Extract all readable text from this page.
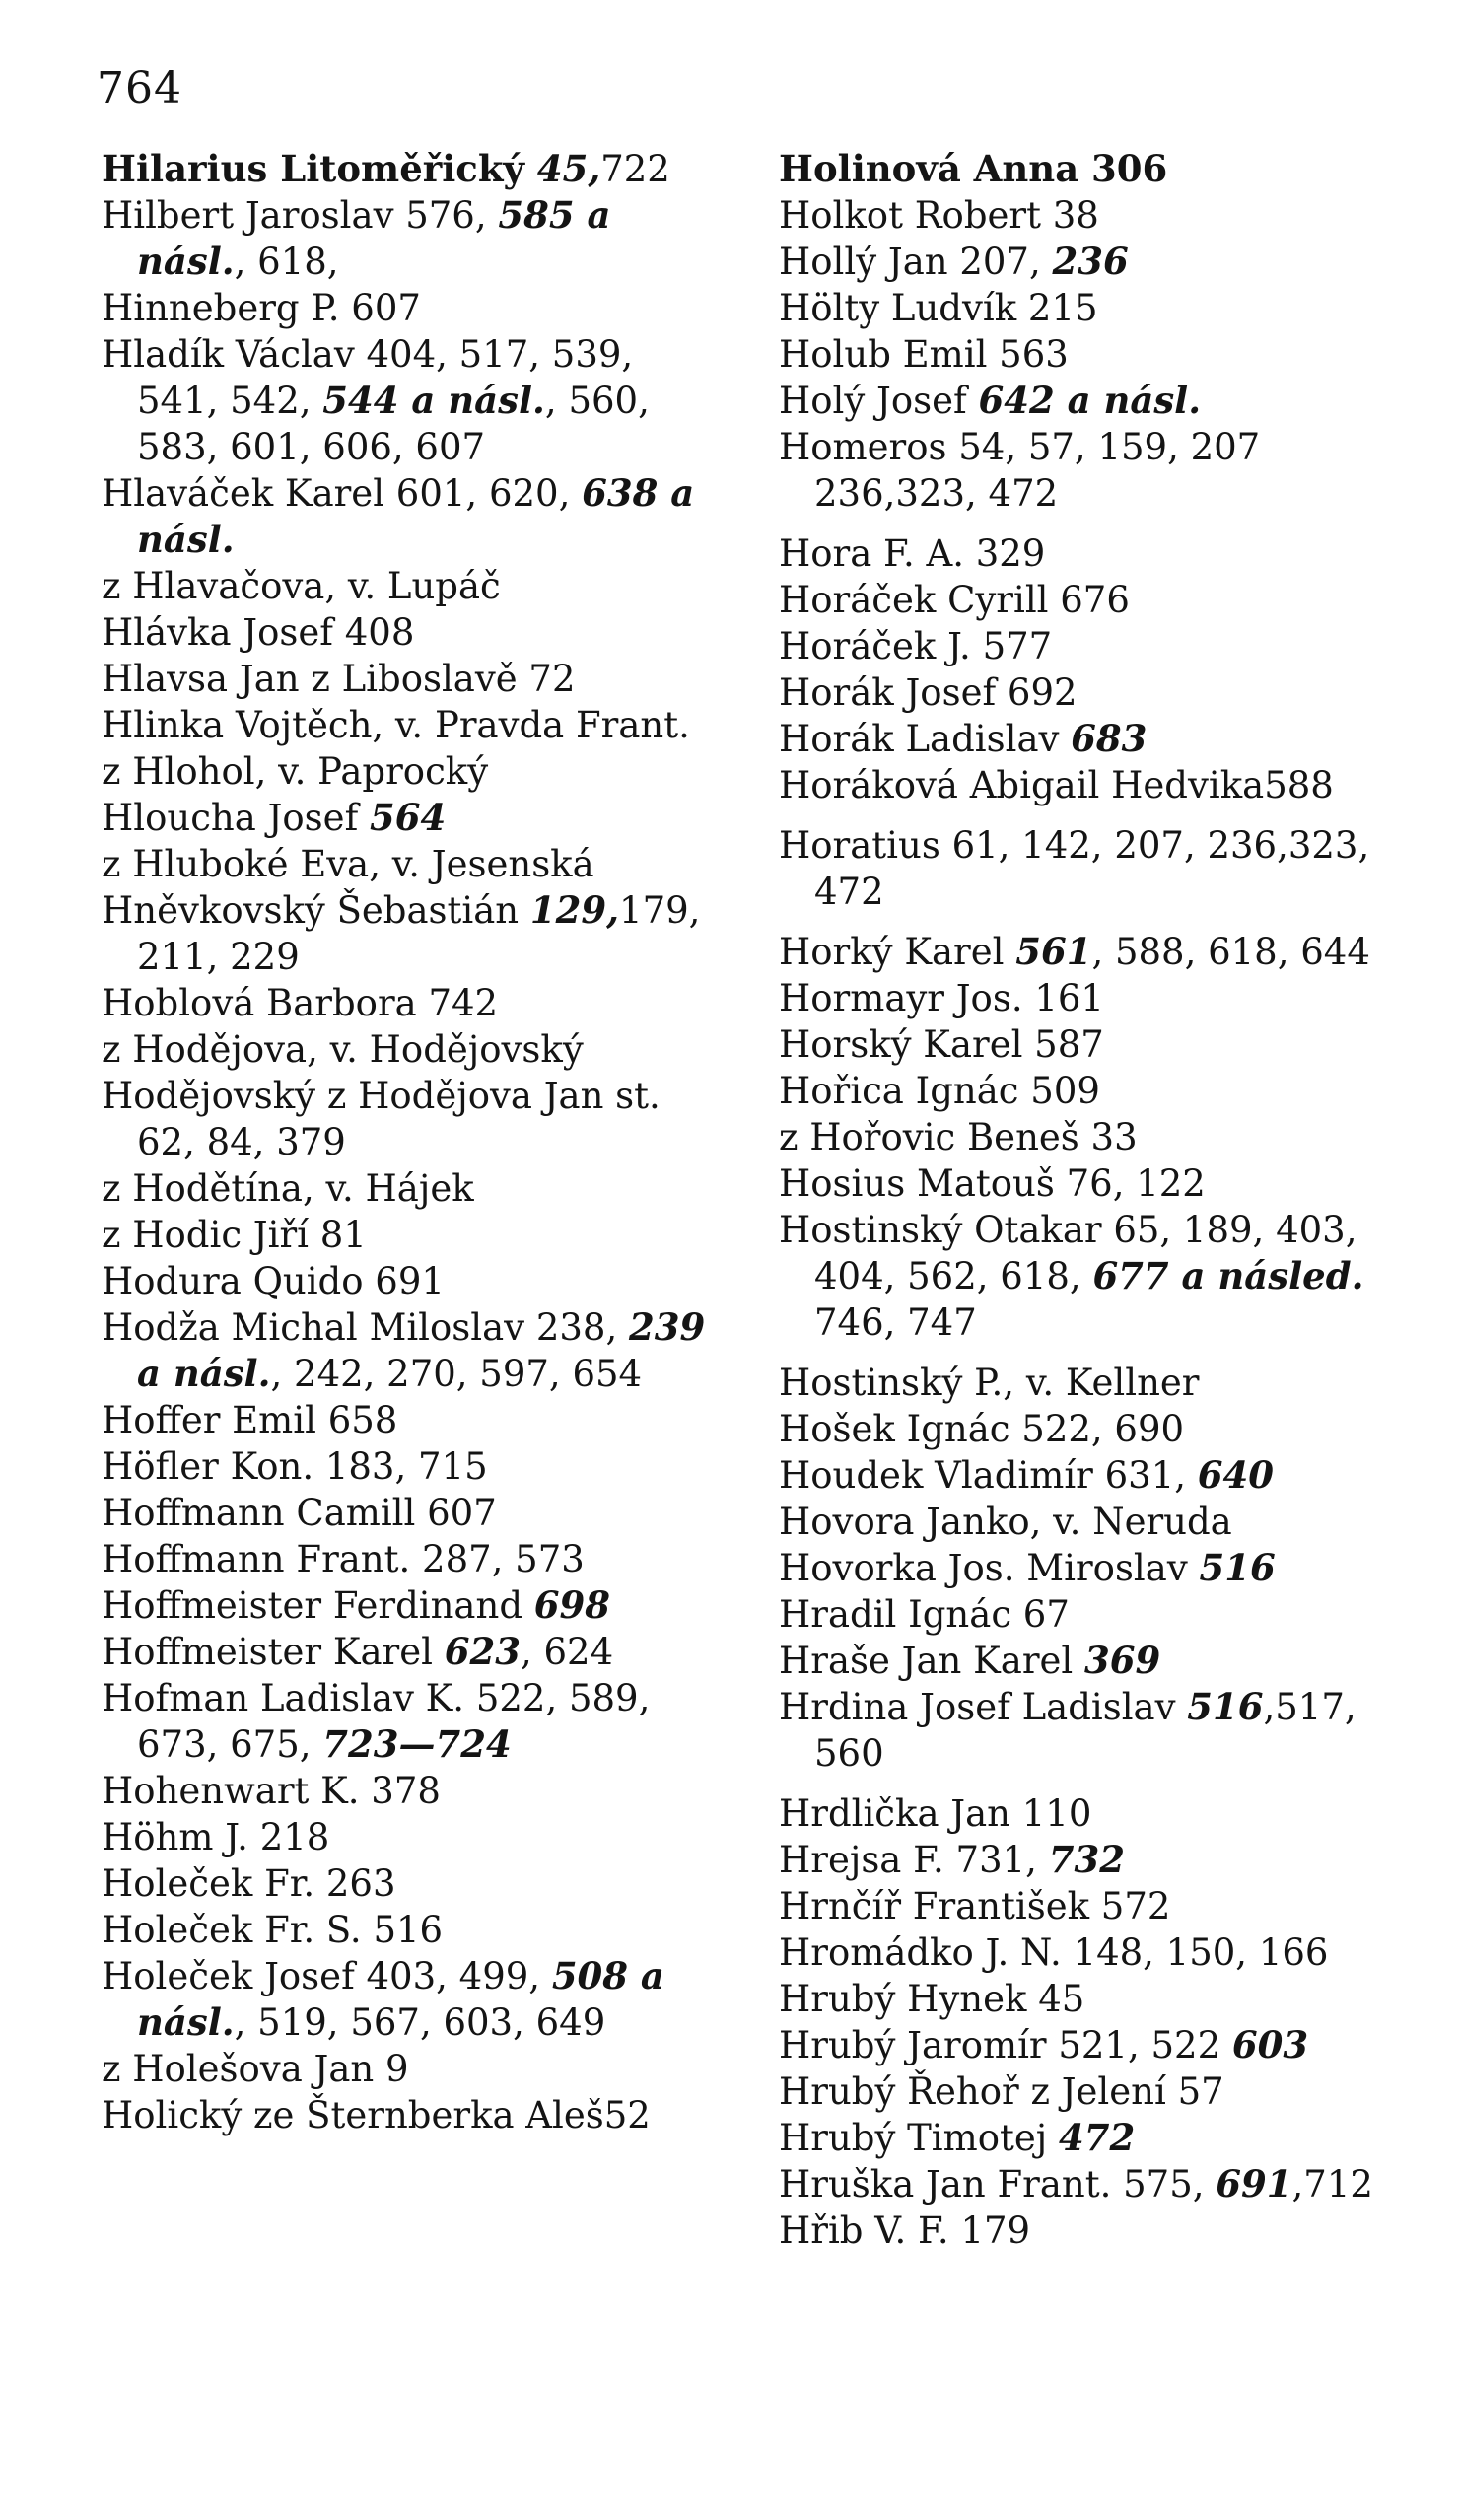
764
Hilarius Litoměřický 45,722
Hilbert Jaroslav 576, 585 a násl., 618,
Hinneberg P. 607
Hladík Václav 404, 517, 539, 541, 542, 544 a násl., 560, 583, 601, 606, 607
Hlaváček Karel 601, 620, 638 a násl.
z Hlavačova, v. Lupáč
Hlávka Josef 408
Hlavsa Jan z Liboslavě 72
Hlinka Vojtěch, v. Pravda Frant.
z Hlohol, v. Paprocký
Hloucha Josef 564
z Hluboké Eva, v. Jesenská
Hněvkovský Šebastián 129,179, 211, 229
Hoblová Barbora 742
z Hodějova, v. Hodějovský
Hodějovský z Hodějova Jan st. 62, 84, 379
z Hodětína, v. Hájek
z Hodic Jiří 81
Hodura Quido 691
Hodža Michal Miloslav 238, 239 a násl., 242, 270, 597, 654
Hoffer Emil 658
Höfler Kon. 183, 715
Hoffmann Camill 607
Hoffmann Frant. 287, 573
Hoffmeister Ferdinand 698
Hoffmeister Karel 623, 624
Hofman Ladislav K. 522, 589, 673, 675, 723—724
Hohenwart K. 378
Höhm J. 218
Holeček Fr. 263
Holeček Fr. S. 516
Holeček Josef 403, 499, 508 a násl., 519, 567, 603, 649
z Holešova Jan 9
Holický ze Šternberka Aleš52
Holinová Anna 306
Holkot Robert 38
Hollý Jan 207, 236
Hölty Ludvík 215
Holub Emil 563
Holý Josef 642 a násl.
Homeros 54, 57, 159, 207 236,323, 472
Hora F. A. 329
Horáček Cyrill 676
Horáček J. 577
Horák Josef 692
Horák Ladislav 683
Horáková Abigail Hedvika588
Horatius 61, 142, 207, 236,323, 472
Horký Karel 561, 588, 618, 644
Hormayr Jos. 161
Horský Karel 587
Hořica Ignác 509
z Hořovic Beneš 33
Hosius Matouš 76, 122
Hostinský Otakar 65, 189, 403, 404, 562, 618, 677 a násled. 746, 747
Hostinský P., v. Kellner
Hošek Ignác 522, 690
Houdek Vladimír 631, 640
Hovora Janko, v. Neruda
Hovorka Jos. Miroslav 516
Hradil Ignác 67
Hraše Jan Karel 369
Hrdina Josef Ladislav 516,517, 560
Hrdlička Jan 110
Hrejsa F. 731, 732
Hrnčíř František 572
Hromádko J. N. 148, 150, 166
Hrubý Hynek 45
Hrubý Jaromír 521, 522 603
Hrubý Řehoř z Jelení 57
Hrubý Timotej 472
Hruška Jan Frant. 575, 691,712
Hřib V. F. 179
